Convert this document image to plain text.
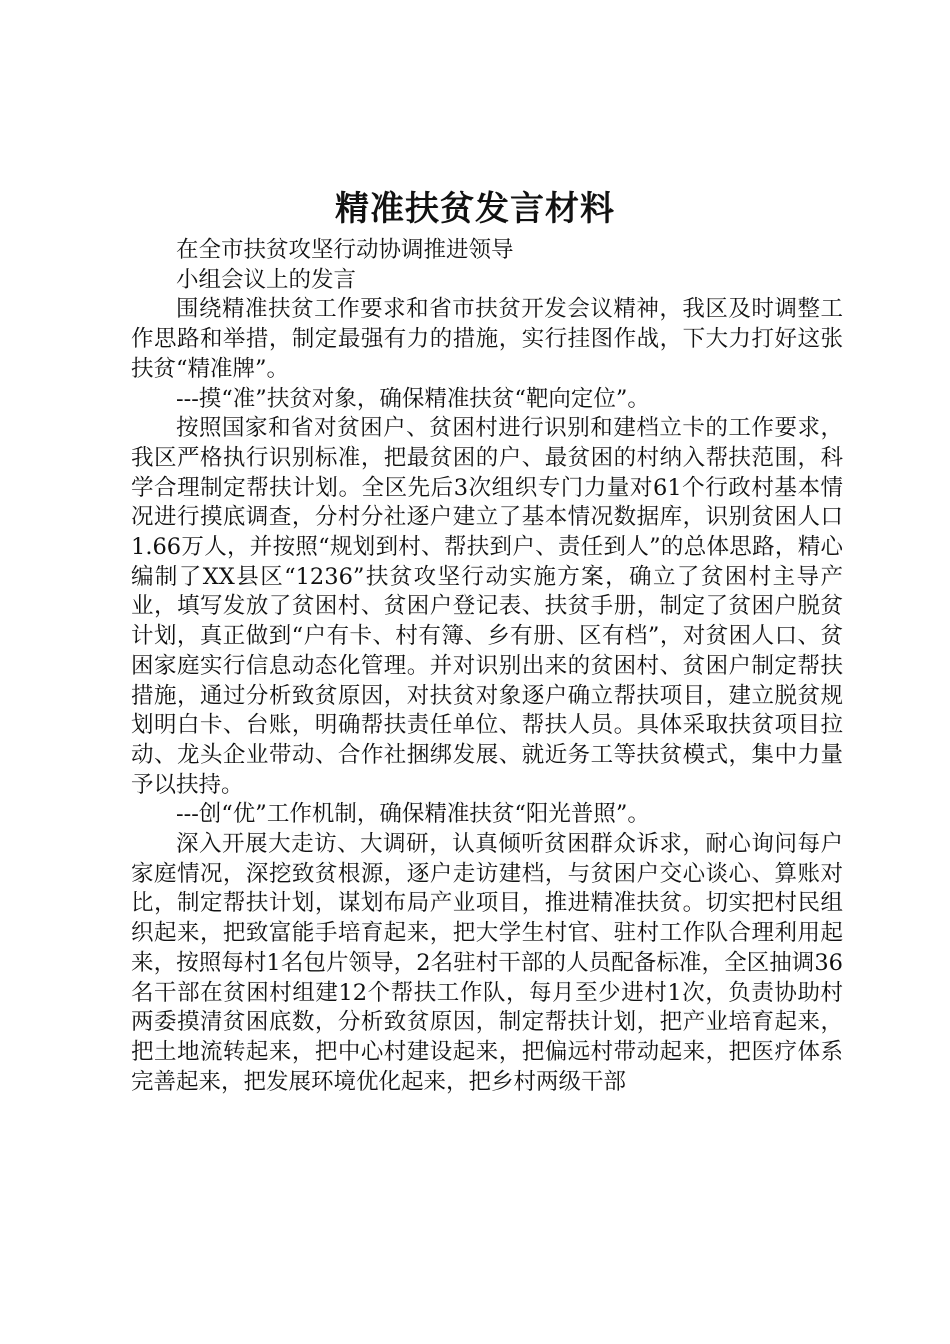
精准扶贫发言材料

在全市扶贫攻坚行动协调推进领导

小组会议上的发言

围绕精准扶贫工作要求和省市扶贫开发会议精神，我区及时调整工作思路和举措，制定最强有力的措施，实行挂图作战，下大力打好这张扶贫“精准牌”。

---摸“准”扶贫对象，确保精准扶贫“靶向定位”。

按照国家和省对贫困户、贫困村进行识别和建档立卡的工作要求，我区严格执行识别标准，把最贫困的户、最贫困的村纳入帮扶范围，科学合理制定帮扶计划。全区先后3次组织专门力量对61个行政村基本情况进行摸底调查，分村分社逐户建立了基本情况数据库，识别贫困人口1.66万人，并按照“规划到村、帮扶到户、责任到人”的总体思路，精心编制了XX县区“1236”扶贫攻坚行动实施方案，确立了贫困村主导产业，填写发放了贫困村、贫困户登记表、扶贫手册，制定了贫困户脱贫计划，真正做到“户有卡、村有簿、乡有册、区有档”，对贫困人口、贫困家庭实行信息动态化管理。并对识别出来的贫困村、贫困户制定帮扶措施，通过分析致贫原因，对扶贫对象逐户确立帮扶项目，建立脱贫规划明白卡、台账，明确帮扶责任单位、帮扶人员。具体采取扶贫项目拉动、龙头企业带动、合作社捆绑发展、就近务工等扶贫模式，集中力量予以扶持。

---创“优”工作机制，确保精准扶贫“阳光普照”。

深入开展大走访、大调研，认真倾听贫困群众诉求，耐心询问每户家庭情况，深挖致贫根源，逐户走访建档，与贫困户交心谈心、算账对比，制定帮扶计划，谋划布局产业项目，推进精准扶贫。切实把村民组织起来，把致富能手培育起来，把大学生村官、驻村工作队合理利用起来，按照每村1名包片领导，2名驻村干部的人员配备标准，全区抽调36名干部在贫困村组建12个帮扶工作队，每月至少进村1次，负责协助村两委摸清贫困底数，分析致贫原因，制定帮扶计划，把产业培育起来，把土地流转起来，把中心村建设起来，把偏远村带动起来，把医疗体系完善起来，把发展环境优化起来，把乡村两级干部
